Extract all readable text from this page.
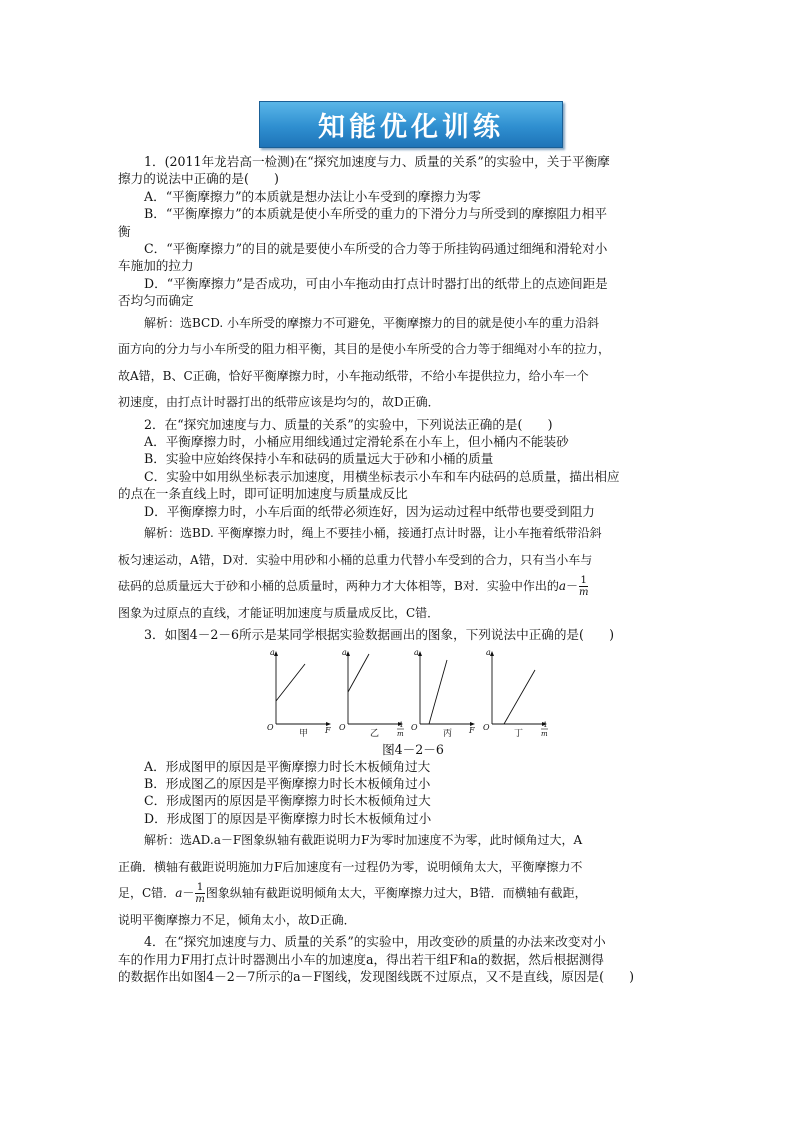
知能优化训练
1．(2011年龙岩高一检测)在“探究加速度与力、质量的关系”的实验中，关于平衡摩
擦力的说法中正确的是(　　)
A．“平衡摩擦力”的本质就是想办法让小车受到的摩擦力为零
B．“平衡摩擦力”的本质就是使小车所受的重力的下滑分力与所受到的摩擦阻力相平
衡
C．“平衡摩擦力”的目的就是要使小车所受的合力等于所挂钩码通过细绳和滑轮对小
车施加的拉力
D．“平衡摩擦力”是否成功，可由小车拖动由打点计时器打出的纸带上的点迹间距是
否均匀而确定
解析：选BCD. 小车所受的摩擦力不可避免，平衡摩擦力的目的就是使小车的重力沿斜
面方向的分力与小车所受的阻力相平衡，其目的是使小车所受的合力等于细绳对小车的拉力，
故A错，B、C正确，恰好平衡摩擦力时，小车拖动纸带，不给小车提供拉力，给小车一个
初速度，由打点计时器打出的纸带应该是均匀的，故D正确．
2．在“探究加速度与力、质量的关系”的实验中，下列说法正确的是(　　)
A．平衡摩擦力时，小桶应用细线通过定滑轮系在小车上，但小桶内不能装砂
B．实验中应始终保持小车和砝码的质量远大于砂和小桶的质量
C．实验中如用纵坐标表示加速度，用横坐标表示小车和车内砝码的总质量，描出相应
的点在一条直线上时，即可证明加速度与质量成反比
D．平衡摩擦力时，小车后面的纸带必须连好，因为运动过程中纸带也要受到阻力
解析：选BD. 平衡摩擦力时，绳上不要挂小桶，接通打点计时器，让小车拖着纸带沿斜
板匀速运动，A错，D对．实验中用砂和小桶的总重力代替小车受到的合力，只有当小车与
砝码的总质量远大于砂和小桶的总质量时，两种力才大体相等，B对．实验中作出的$a- \frac{1}{m}$
图象为过原点的直线，才能证明加速度与质量成反比，C错．
3．如图4－2－6所示是某同学根据实验数据画出的图象，下列说法中正确的是(　　)
a
O	F
甲
a
O	1
m
乙
a
O	F
丙
a
O	1
m
丁
图4－2－6
A．形成图甲的原因是平衡摩擦力时长木板倾角过大
B．形成图乙的原因是平衡摩擦力时长木板倾角过小
C．形成图丙的原因是平衡摩擦力时长木板倾角过大
D．形成图丁的原因是平衡摩擦力时长木板倾角过小
解析：选AD.a－F图象纵轴有截距说明力F为零时加速度不为零，此时倾角过大，A
正确．横轴有截距说明施加力F后加速度有一过程仍为零，说明倾角太大，平衡摩擦力不
足，C错．$a- \frac{1}{m}$ 图象纵轴有截距说明倾角太大，平衡摩擦力过大，B错．而横轴有截距，
说明平衡摩擦力不足，倾角太小，故D正确．
4．在“探究加速度与力、质量的关系”的实验中，用改变砂的质量的办法来改变对小
车的作用力F用打点计时器测出小车的加速度a，得出若干组F和a的数据，然后根据测得
的数据作出如图4－2－7所示的a－F图线，发现图线既不过原点，又不是直线，原因是(　　)
